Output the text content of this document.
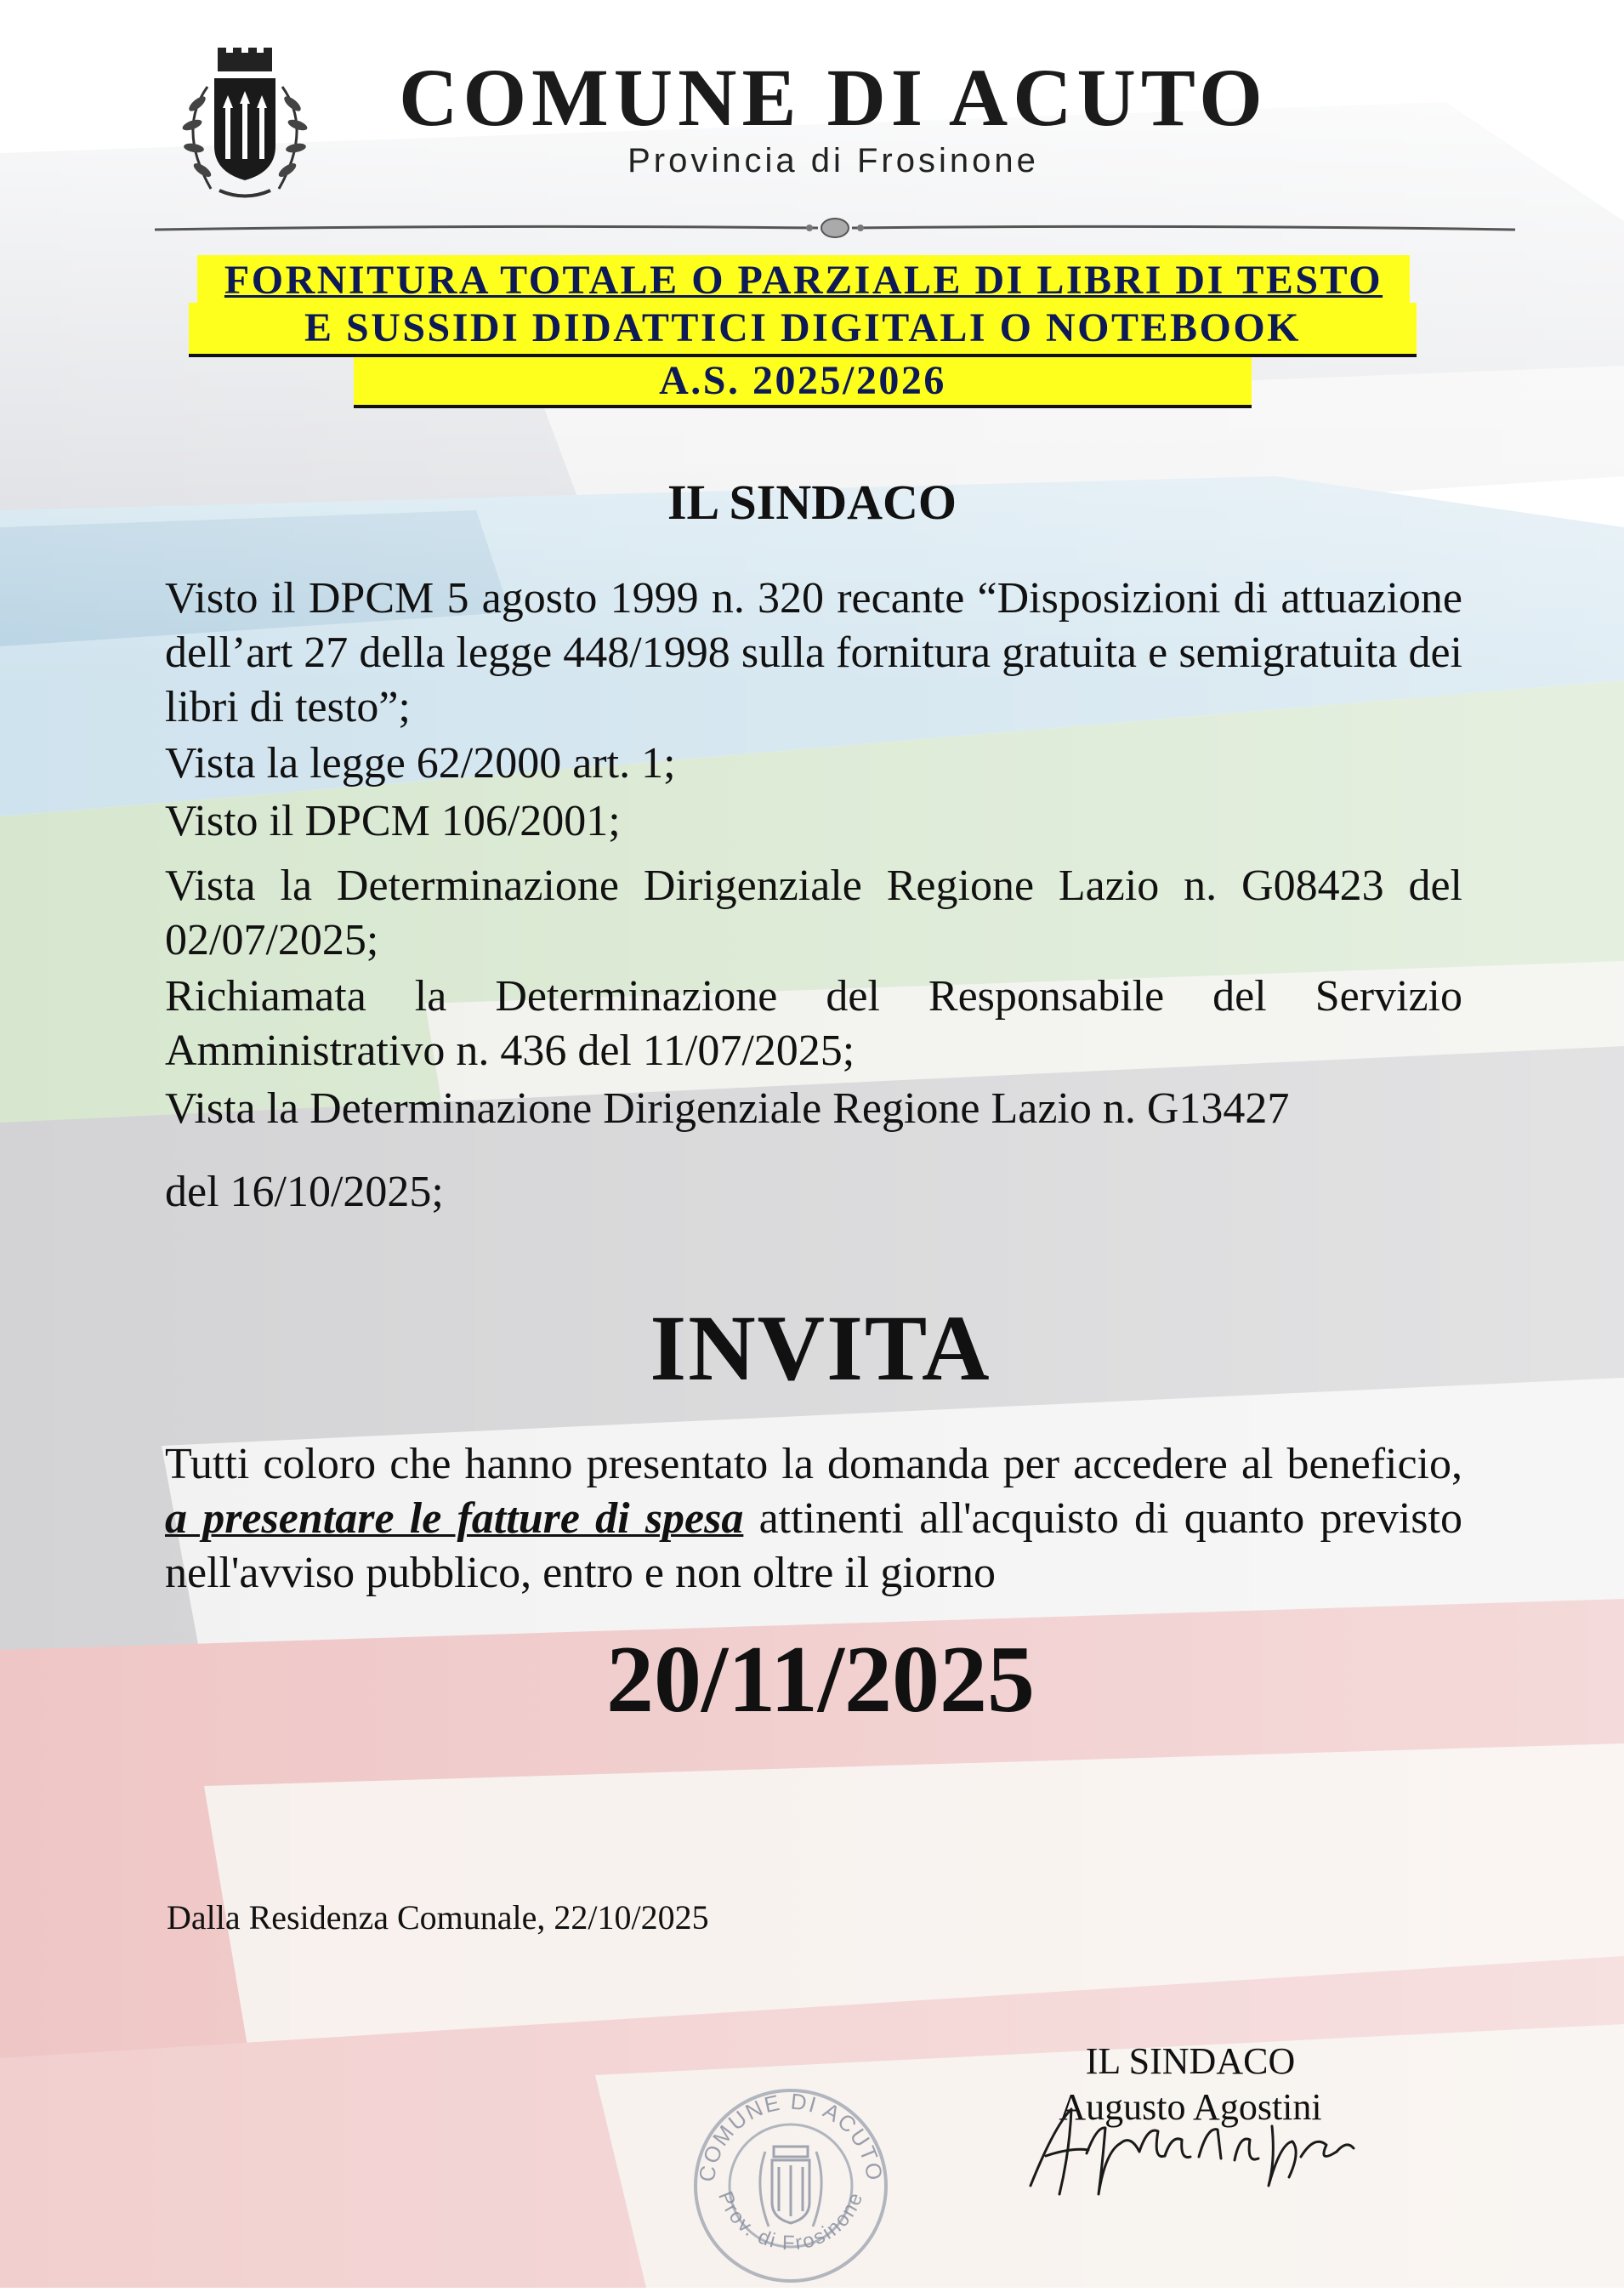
COMUNE DI ACUTO
Provincia di Frosinone
FORNITURA TOTALE O PARZIALE DI LIBRI DI TESTO
E SUSSIDI DIDATTICI DIGITALI O NOTEBOOK
A.S. 2025/2026
IL SINDACO
Visto il DPCM 5 agosto 1999 n. 320 recante “Disposizioni di attuazione dell’art 27 della legge 448/1998 sulla fornitura gratuita e semigratuita dei libri di testo”;
Vista la legge 62/2000 art. 1;
Visto il DPCM 106/2001;
Vista la Determinazione Dirigenziale Regione Lazio n. G08423 del 02/07/2025;
Richiamata la Determinazione del Responsabile del Servizio Amministrativo n. 436 del 11/07/2025;
Vista la Determinazione Dirigenziale Regione Lazio n. G13427
del 16/10/2025;
INVITA
Tutti coloro che hanno presentato la domanda per accedere al beneficio, a presentare le fatture di spesa attinenti all'acquisto di quanto previsto nell'avviso pubblico, entro e non oltre il giorno
20/11/2025
Dalla Residenza Comunale, 22/10/2025
COMUNE DI ACUTO
Prov. di Frosinone
IL SINDACO
Augusto Agostini
